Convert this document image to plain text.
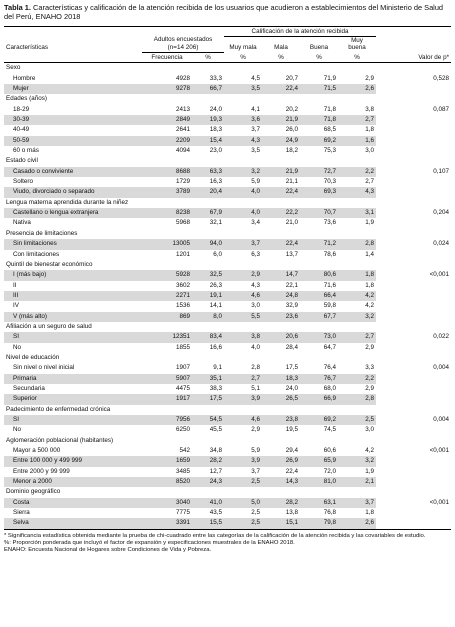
Tabla 1. Características y calificación de la atención recibida de los usuarios que acudieron a establecimientos del Ministerio de Salud del Perú, ENAHO 2018
			Calificación de la atención recibida				
Características	Adultos encuestados
(n=14 206)		Muy mala	Mala	Buena	Muy buena	
	Frecuencia	%	%	%	%	%	Valor de p*
Sexo							
Hombre	4928	33,3	4,5	20,7	71,9	2,9	0,528
Mujer	9278	66,7	3,5	22,4	71,5	2,6	
Edades (años)							
18-29	2413	24,0	4,1	20,2	71,8	3,8	0,087
30-39	2849	19,3	3,6	21,9	71,8	2,7	
40-49	2641	18,3	3,7	26,0	68,5	1,8	
50-59	2209	15,4	4,3	24,9	69,2	1,6	
60 o más	4094	23,0	3,5	18,2	75,3	3,0	
Estado civil							
Casado o conviviente	8688	63,3	3,2	21,9	72,7	2,2	0,107
Soltero	1729	16,3	5,9	21,1	70,3	2,7	
Viudo, divorciado o separado	3789	20,4	4,0	22,4	69,3	4,3	
Lengua materna aprendida durante la niñez							
Castellano o lengua extranjera	8238	67,9	4,0	22,2	70,7	3,1	0,204
Nativa	5968	32,1	3,4	21,0	73,6	1,9	
Presencia de limitaciones							
Sin limitaciones	13005	94,0	3,7	22,4	71,2	2,8	0,024
Con limitaciones	1201	6,0	6,3	13,7	78,6	1,4	
Quintil de bienestar económico							
I (más bajo)	5928	32,5	2,9	14,7	80,6	1,8	<0,001
II	3602	26,3	4,3	22,1	71,6	1,8	
III	2271	19,1	4,6	24,8	66,4	4,2	
IV	1536	14,1	3,0	32,9	59,8	4,2	
V (más alto)	869	8,0	5,5	23,6	67,7	3,2	
Afiliación a un seguro de salud							
SI	12351	83,4	3,8	20,6	73,0	2,7	0,022
No	1855	16,6	4,0	28,4	64,7	2,9	
Nivel de educación							
Sin nivel o nivel inicial	1907	9,1	2,8	17,5	76,4	3,3	0,004
Primaria	5907	35,1	2,7	18,3	76,7	2,2	
Secundaria	4475	38,3	5,1	24,0	68,0	2,9	
Superior	1917	17,5	3,9	26,5	66,9	2,8	
Padecimiento de enfermedad crónica							
SI	7956	54,5	4,6	23,8	69,2	2,5	0,004
No	6250	45,5	2,9	19,5	74,5	3,0	
Aglomeración poblacional (habitantes)							
Mayor a 500 000	542	34,8	5,9	29,4	60,6	4,2	<0,001
Entre 100 000 y 499 999	1659	28,2	3,9	26,9	65,9	3,2	
Entre 2000 y 99 999	3485	12,7	3,7	22,4	72,0	1,9	
Menor a 2000	8520	24,3	2,5	14,3	81,0	2,1	
Dominio geográfico							
Costa	3040	41,0	5,0	28,2	63,1	3,7	<0,001
Sierra	7775	43,5	2,5	13,8	76,8	1,8	
Selva	3391	15,5	2,5	15,1	79,8	2,6	
* Significancia estadística obtenida mediante la prueba de chi-cuadrado entre las categorías de la calificación de la atención recibida y las covariables de estudio.
%: Proporción ponderada que incluyó el factor de expansión y especificaciones muestrales de la ENAHO 2018.
ENAHO: Encuesta Nacional de Hogares sobre Condiciones de Vida y Pobreza.
